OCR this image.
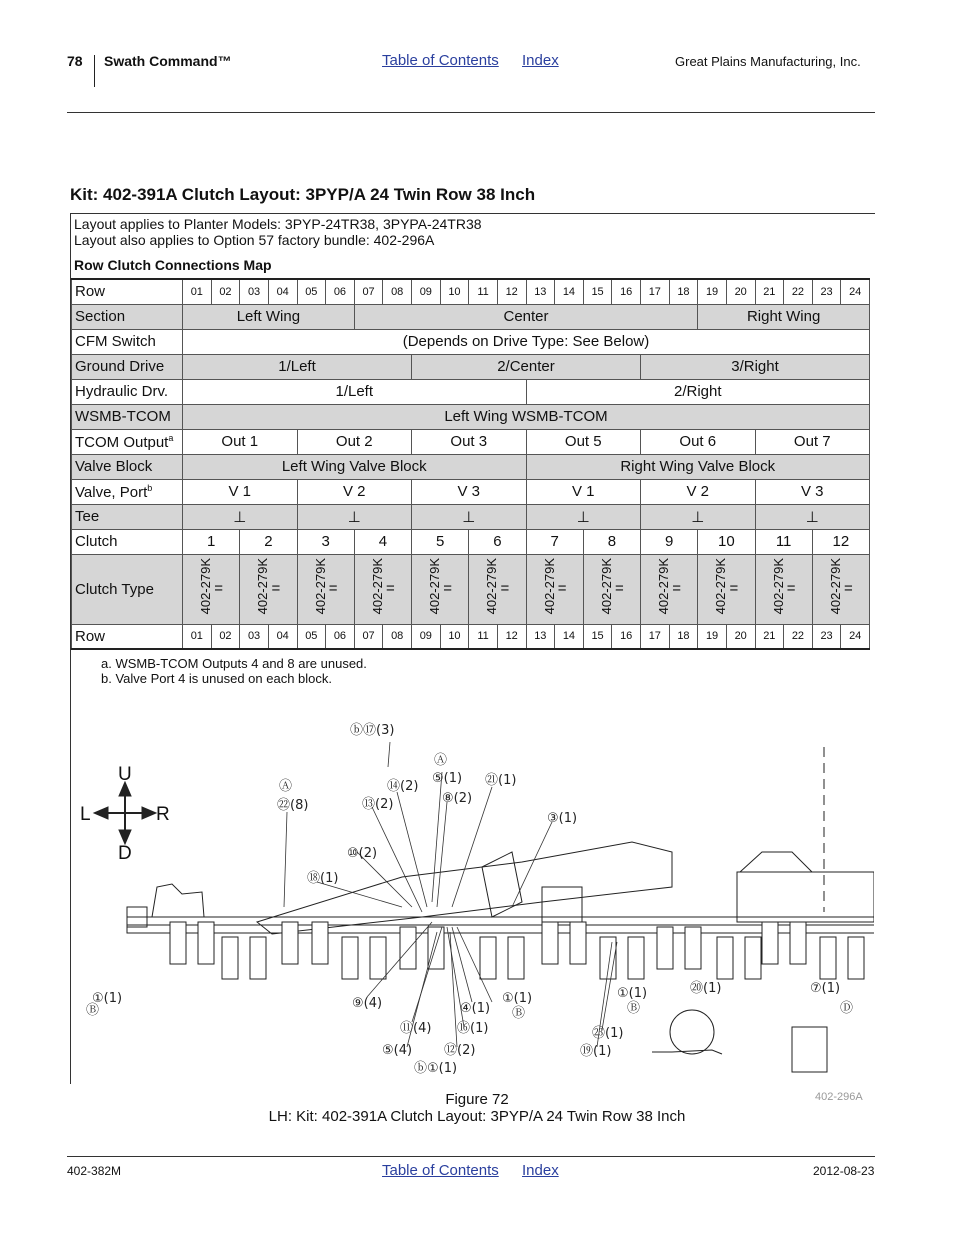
78 Swath Command™	Table of Contents Index	Great Plains Manufacturing, Inc.
Kit: 402-391A Clutch Layout: 3PYP/A 24 Twin Row 38 Inch
Layout applies to Planter Models: 3PYP-24TR38, 3PYPA-24TR38
Layout also applies to Option 57 factory bundle: 402-296A
Row Clutch Connections Map
Row	01	02	03	04	05	06	07	08	09	10	11	12	13	14	15	16	17	18	19	20	21	22	23	24
Section	Left Wing						Center												Right Wing					
CFM Switch	(Depends on Drive Type: See Below)																							
Ground Drive	1/Left								2/Center								3/Right							
Hydraulic Drv.	1/Left												2/Right											
WSMB-TCOM	Left Wing WSMB-TCOM																							
TCOM Output$^a$	Out 1				Out 2				Out 3				Out 5				Out 6				Out 7			
Valve Block	Left Wing Valve Block												Right Wing Valve Block											
Valve, Port$^b$	V 1				V 2				V 3				V 1				V 2				V 3			
Tee	⊥				⊥				⊥				⊥				⊥				⊥			
Clutch	1		2		3		4		5		6		7		8		9		10		11		12	
Clutch Type	402-279K =		402-279K =		402-279K =		402-279K =		402-279K =		402-279K =		402-279K =		402-279K =		402-279K =		402-279K =		402-279K =		402-279K =	

Row	01	02	03	04	05	06	07	08	09	10	11	12	13	14	15	16	17	18	19	20	21	22	23	24
a. WSMB-TCOM Outputs 4 and 8 are unused.
b. Valve Port 4 is unused on each block.
ⓑ⑰(3)
Ⓐ
⑤(1) ㉑(1)
⑭(2)
⑧(2)
Ⓐ
㉒(8)	⑬(2)
③(1)
⑩(2)
⑱(1)
⑨(4)
⑪(4) ⑯(1)
⑤(4) ⑫(2)
ⓑ①(1)
④(1)
①(1)
Ⓑ
①(1)
Ⓑ
㉓(1)
⑲(1)
⑳(1)	⑦(1)
Ⓓ
①(1)
Ⓑ
U
D
L	R
Figure 72
LH: Kit: 402-391A Clutch Layout: 3PYP/A 24 Twin Row 38 Inch
402-296A
402-382M	Table of Contents Index	2012-08-23
